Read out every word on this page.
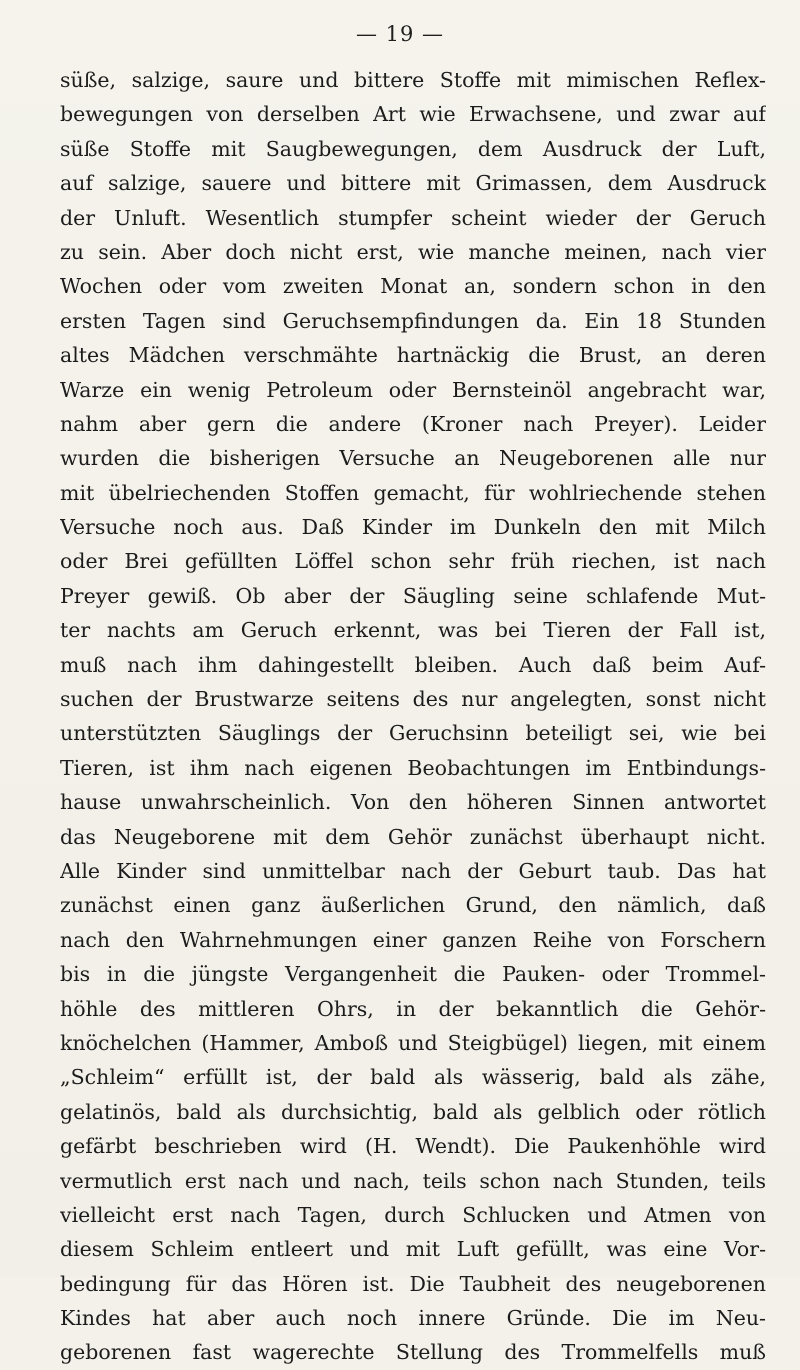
— 19 —
süße, salzige, saure und bittere Stoffe mit mimischen Reflex-
bewegungen von derselben Art wie Erwachsene, und zwar auf
süße Stoffe mit Saugbewegungen, dem Ausdruck der Luft,
auf salzige, sauere und bittere mit Grimassen, dem Ausdruck
der Unluft. Wesentlich stumpfer scheint wieder der Geruch
zu sein. Aber doch nicht erst, wie manche meinen, nach vier
Wochen oder vom zweiten Monat an, sondern schon in den
ersten Tagen sind Geruchsempfindungen da. Ein 18 Stunden
altes Mädchen verschmähte hartnäckig die Brust, an deren
Warze ein wenig Petroleum oder Bernsteinöl angebracht war,
nahm aber gern die andere (Kroner nach Preyer). Leider
wurden die bisherigen Versuche an Neugeborenen alle nur
mit übelriechenden Stoffen gemacht, für wohlriechende stehen
Versuche noch aus. Daß Kinder im Dunkeln den mit Milch
oder Brei gefüllten Löffel schon sehr früh riechen, ist nach
Preyer gewiß. Ob aber der Säugling seine schlafende Mut-
ter nachts am Geruch erkennt, was bei Tieren der Fall ist,
muß nach ihm dahingestellt bleiben. Auch daß beim Auf-
suchen der Brustwarze seitens des nur angelegten, sonst nicht
unterstützten Säuglings der Geruchsinn beteiligt sei, wie bei
Tieren, ist ihm nach eigenen Beobachtungen im Entbindungs-
hause unwahrscheinlich. Von den höheren Sinnen antwortet
das Neugeborene mit dem Gehör zunächst überhaupt nicht.
Alle Kinder sind unmittelbar nach der Geburt taub. Das hat
zunächst einen ganz äußerlichen Grund, den nämlich, daß
nach den Wahrnehmungen einer ganzen Reihe von Forschern
bis in die jüngste Vergangenheit die Pauken- oder Trommel-
höhle des mittleren Ohrs, in der bekanntlich die Gehör-
knöchelchen (Hammer, Amboß und Steigbügel) liegen, mit einem
„Schleim“ erfüllt ist, der bald als wässerig, bald als zähe,
gelatinös, bald als durchsichtig, bald als gelblich oder rötlich
gefärbt beschrieben wird (H. Wendt). Die Paukenhöhle wird
vermutlich erst nach und nach, teils schon nach Stunden, teils
vielleicht erst nach Tagen, durch Schlucken und Atmen von
diesem Schleim entleert und mit Luft gefüllt, was eine Vor-
bedingung für das Hören ist. Die Taubheit des neugeborenen
Kindes hat aber auch noch innere Gründe. Die im Neu-
geborenen fast wagerechte Stellung des Trommelfells muß
